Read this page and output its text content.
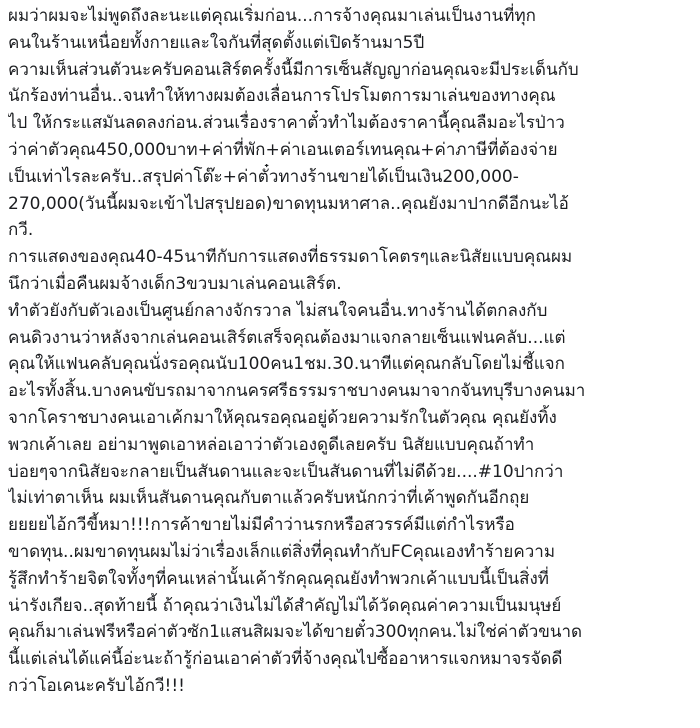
ผมว่าผมจะไม่พูดถึงละนะแต่คุณเริ่มก่อน...การจ้างคุณมาเล่นเป็นงานที่ทุก
คนในร้านเหนื่อยทั้งกายและใจกันที่สุดตั้งแต่เปิดร้านมา5ปี
ความเห็นส่วนตัวนะครับคอนเสิร์ตครั้งนี้มีการเซ็นสัญญาก่อนคุณจะมีประเด็นกับ
นักร้องท่านอื่น..จนทำให้ทางผมต้องเลื่อนการโปรโมตการมาเล่นของทางคุณ
ไป ให้กระแสมันลดลงก่อน.ส่วนเรื่องราคาตั๋วทำไมต้องราคานี้คุณลืมอะไรป่าว
ว่าค่าตัวคุณ450,000บาท+ค่าที่พัก+ค่าเอนเตอร์เทนคุณ+ค่าภาษีที่ต้องจ่าย
เป็นเท่าไรละครับ..สรุปค่าโต๊ะ+ค่าตั๋วทางร้านขายได้เป็นเงิน200,000-
270,000(วันนี้ผมจะเข้าไปสรุปยอด)ขาดทุนมหาศาล..คุณยังมาปากดีอีกนะไอ้
กวี.
การแสดงของคุณ40-45นาทีกับการแสดงที่ธรรมดาโคตรๆและนิสัยแบบคุณผม
นึกว่าเมื่อคืนผมจ้างเด็ก3ขวบมาเล่นคอนเสิร์ต.
ทำตัวยังกับตัวเองเป็นศูนย์กลางจักรวาล ไม่สนใจคนอื่น.ทางร้านได้ตกลงกับ
คนดิวงานว่าหลังจากเล่นคอนเสิร์ตเสร็จคุณต้องมาแจกลายเซ็นแฟนคลับ...แต่
คุณให้แฟนคลับคุณนั่งรอคุณนับ100คน1ชม.30.นาทีแต่คุณกลับโดยไม่ชี้แจก
อะไรทั้งสิ้น.บางคนขับรถมาจากนครศรีธรรมราชบางคนมาจากจันทบุรีบางคนมา
จากโคราชบางคนเอาเค้กมาให้คุณรอคุณอยู่ด้วยความรักในตัวคุณ คุณยังทิ้ง
พวกเค้าเลย อย่ามาพูดเอาหล่อเอาว่าตัวเองดูดีเลยครับ นิสัยแบบคุณถ้าทำ
บ่อยๆจากนิสัยจะกลายเป็นสันดานและจะเป็นสันดานที่ไม่ดีด้วย....#10ปากว่า
ไม่เท่าตาเห็น ผมเห็นสันดานคุณกับตาแล้วครับหนักกว่าที่เค้าพูดกันอีกถุย
ยยยยไอ้กวีขี้หมา!!!การค้าขายไม่มีคำว่านรกหรือสวรรค์มีแต่กำไรหรือ
ขาดทุน..ผมขาดทุนผมไม่ว่าเรื่องเล็กแต่สิ่งที่คุณทำกับFCคุณเองทำร้ายความ
รู้สึกทำร้ายจิตใจทั้งๆที่คนเหล่านั้นเค้ารักคุณคุณยังทำพวกเค้าแบบนี้เป็นสิ่งที่
น่ารังเกียจ..สุดท้ายนี้ ถ้าคุณว่าเงินไม่ได้สำคัญไม่ได้วัดคุณค่าความเป็นมนุษย์
คุณก็มาเล่นฟรีหรือค่าตัวซัก1แสนสิผมจะได้ขายตั๋ว300ทุกคน.ไม่ใช่ค่าตัวขนาด
นี้แต่เล่นได้แค่นี้อ่ะนะถ้ารู้ก่อนเอาค่าตัวที่จ้างคุณไปซื้ออาหารแจกหมาจรจัดดี
กว่าโอเคนะครับไอ้กวี!!!
